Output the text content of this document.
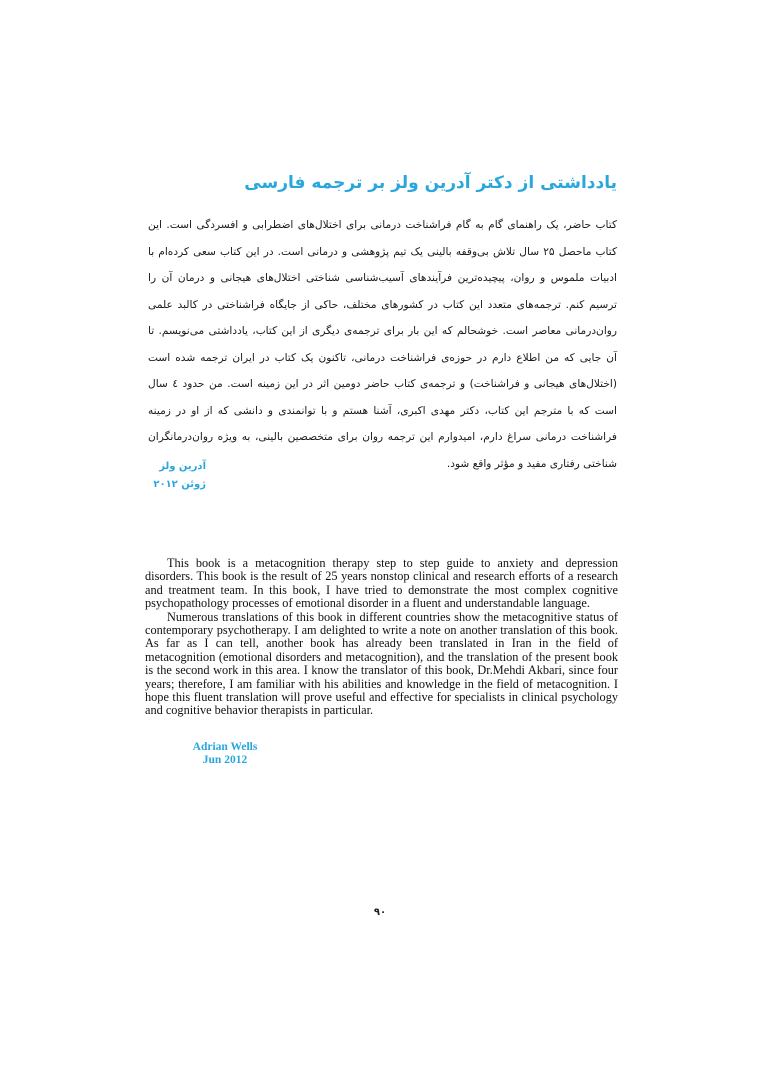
یادداشتی از دکتر آدرین ولز بر ترجمه فارسی

کتاب حاضر، یک راهنمای گام به گام فراشناخت درمانی برای اختلال‌های اضطرابی و افسردگی است. این کتاب ماحصل ۲۵ سال تلاش بی‌وقفه بالینی یک تیم پژوهشی و درمانی است. در این کتاب سعی کرده‌ام با ادبیات ملموس و روان، پیچیده‌ترین فرآیندهای آسیب‌شناسی شناختی اختلال‌های هیجانی و درمان آن را ترسیم کنم. ترجمه‌های متعدد این کتاب در کشورهای مختلف، حاکی از جایگاه فراشناختی در کالبد علمی روان‌درمانی معاصر است. خوشحالم که این بار برای ترجمه‌ی دیگری از این کتاب، یادداشتی می‌نویسم. تا آن جایی که من اطلاع دارم در حوزه‌ی فراشناخت درمانی، تاکنون یک کتاب در ایران ترجمه شده است (اختلال‌های هیجانی و فراشناخت) و ترجمه‌ی کتاب حاضر دومین اثر در این زمینه است. من حدود ٤ سال است که با مترجم این کتاب، دکتر مهدی اکبری، آشنا هستم و با توانمندی و دانشی که از او در زمینه فراشناخت درمانی سراغ دارم، امیدوارم این ترجمه روان برای متخصصین بالینی، به ویژه روان‌درمانگران شناختی رفتاری مفید و مؤثر واقع شود.

آدرین ولز
ژوئن ۲۰۱۲

This book is a metacognition therapy step to step guide to anxiety and depression disorders. This book is the result of 25 years nonstop clinical and research efforts of a research and treatment team. In this book, I have tried to demonstrate the most complex cognitive psychopathology processes of emotional disorder in a fluent and understandable language.

Numerous translations of this book in different countries show the metacognitive status of contemporary psychotherapy. I am delighted to write a note on another translation of this book. As far as I can tell, another book has already been translated in Iran in the field of metacognition (emotional disorders and metacognition), and the translation of the present book is the second work in this area. I know the translator of this book, Dr.Mehdi Akbari, since four years; therefore, I am familiar with his abilities and knowledge in the field of metacognition. I hope this fluent translation will prove useful and effective for specialists in clinical psychology and cognitive behavior therapists in particular.

Adrian Wells
Jun 2012
۹۰
